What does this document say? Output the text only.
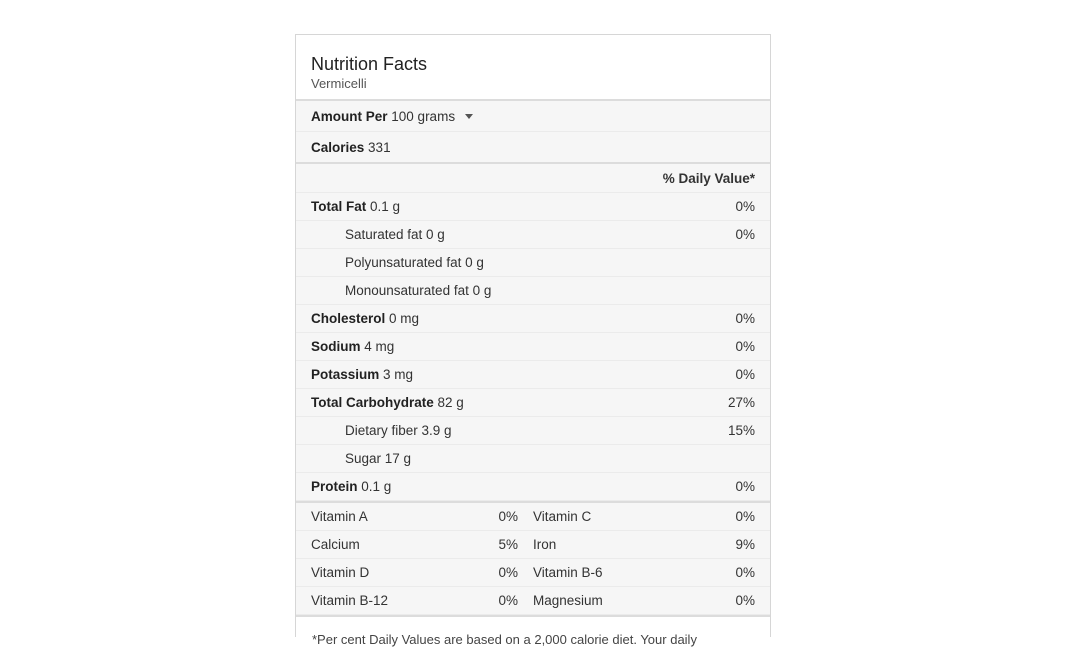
Nutrition Facts
Vermicelli
Amount Per 100 grams
Calories 331
% Daily Value*
Total Fat 0.1 g	0%
Saturated fat 0 g	0%
Polyunsaturated fat 0 g
Monounsaturated fat 0 g
Cholesterol 0 mg	0%
Sodium 4 mg	0%
Potassium 3 mg	0%
Total Carbohydrate 82 g	27%
Dietary fiber 3.9 g	15%
Sugar 17 g
Protein 0.1 g	0%
Vitamin A	0% Vitamin C	0%
Calcium	5% Iron	9%
Vitamin D	0% Vitamin B-6	0%
Vitamin B-12	0% Magnesium	0%
*Per cent Daily Values are based on a 2,000 calorie diet. Your daily
